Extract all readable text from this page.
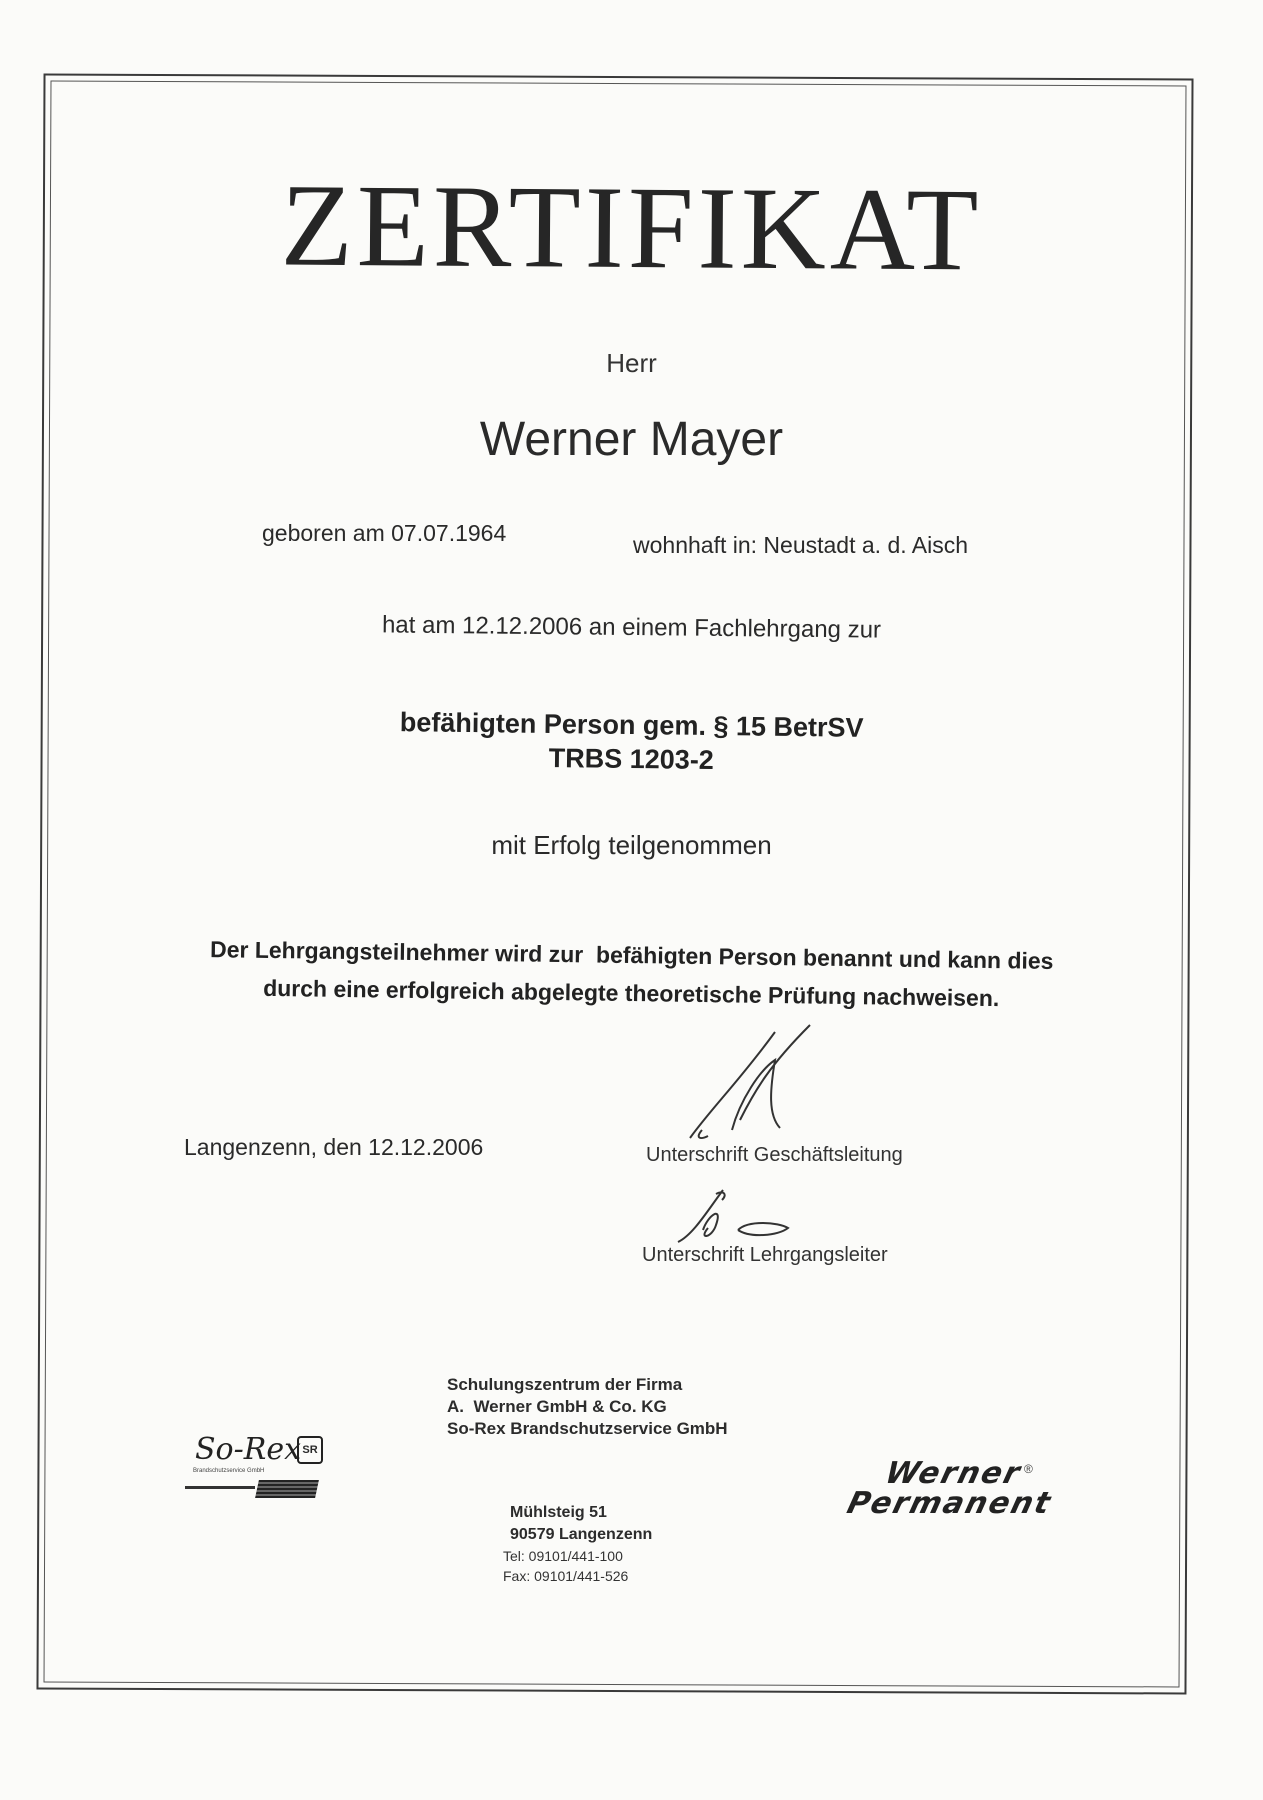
ZERTIFIKAT
Herr
Werner Mayer
geboren am 07.07.1964	wohnhaft in: Neustadt a. d. Aisch
hat am 12.12.2006 an einem Fachlehrgang zur
befähigten Person gem. § 15 BetrSV
TRBS 1203-2
mit Erfolg teilgenommen
Der Lehrgangsteilnehmer wird zur  befähigten Person benannt und kann dies
durch eine erfolgreich abgelegte theoretische Prüfung nachweisen.
Langenzenn, den 12.12.2006	Unterschrift Geschäftsleitung
Unterschrift Lehrgangsleiter
Schulungszentrum der Firma
A.  Werner GmbH & Co. KG
So-Rex Brandschutzservice GmbH
Mühlsteig 51
90579 Langenzenn
Tel: 09101/441-100
Fax: 09101/441-526
So-Rex SR
Brandschutzservice GmbH	Werner
Permanent
®
